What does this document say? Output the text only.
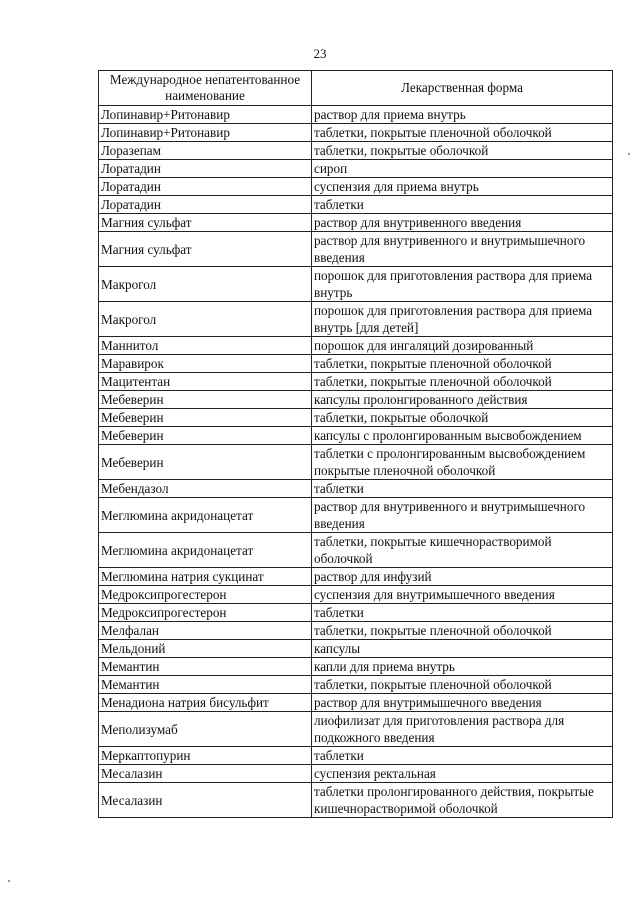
23
Международное непатентованное наименование	Лекарственная форма
Лопинавир+Ритонавир	раствор для приема внутрь
Лопинавир+Ритонавир	таблетки, покрытые пленочной оболочкой
Лоразепам	таблетки, покрытые оболочкой
Лоратадин	сироп
Лоратадин	суспензия для приема внутрь
Лоратадин	таблетки
Магния сульфат	раствор для внутривенного введения
Магния сульфат	раствор для внутривенного и внутримышечного введения
Макрогол	порошок для приготовления раствора для приема внутрь
Макрогол	порошок для приготовления раствора для приема внутрь [для детей]
Маннитол	порошок для ингаляций дозированный
Маравирок	таблетки, покрытые пленочной оболочкой
Мацитентан	таблетки, покрытые пленочной оболочкой
Мебеверин	капсулы пролонгированного действия
Мебеверин	таблетки, покрытые оболочкой
Мебеверин	капсулы с пролонгированным высвобождением
Мебеверин	таблетки с пролонгированным высвобождением покрытые пленочной оболочкой
Мебендазол	таблетки
Меглюмина акридонацетат	раствор для внутривенного и внутримышечного введения
Меглюмина акридонацетат	таблетки, покрытые кишечнорастворимой оболочкой
Меглюмина натрия сукцинат	раствор для инфузий
Медроксипрогестерон	суспензия для внутримышечного введения
Медроксипрогестерон	таблетки
Мелфалан	таблетки, покрытые пленочной оболочкой
Мельдоний	капсулы
Мемантин	капли для приема внутрь
Мемантин	таблетки, покрытые пленочной оболочкой
Менадиона натрия бисульфит	раствор для внутримышечного введения
Меполизумаб	лиофилизат для приготовления раствора для подкожного введения
Меркаптопурин	таблетки
Месалазин	суспензия ректальная
Месалазин	таблетки пролонгированного действия, покрытые кишечнорастворимой оболочкой
